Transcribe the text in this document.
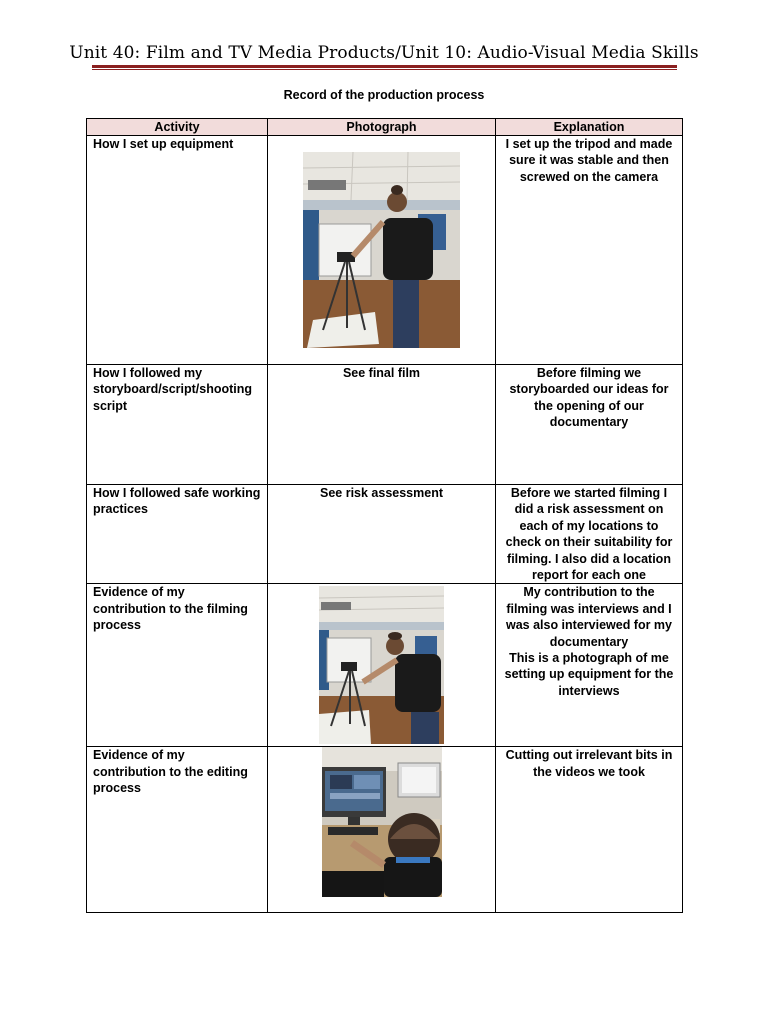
Unit 40: Film and TV Media Products/Unit 10: Audio-Visual Media Skills
Record of the production process
Activity	Photograph	Explanation
How I set up equipment		I set up the tripod and made sure it was stable and then screwed on the camera
How I followed my storyboard/script/shooting script	See final film	Before filming we storyboarded our ideas for the opening of our documentary
How I followed safe working practices	See risk assessment	Before we started filming I did a risk assessment on each of my locations to check on their suitability for filming. I also did a location report for each one
Evidence of my contribution to the filming process		My contribution to the filming was interviews and I was also interviewed for my documentary
This is a photograph of me setting up equipment for the interviews

Evidence of my contribution to the editing process		Cutting out irrelevant bits in the videos we took
